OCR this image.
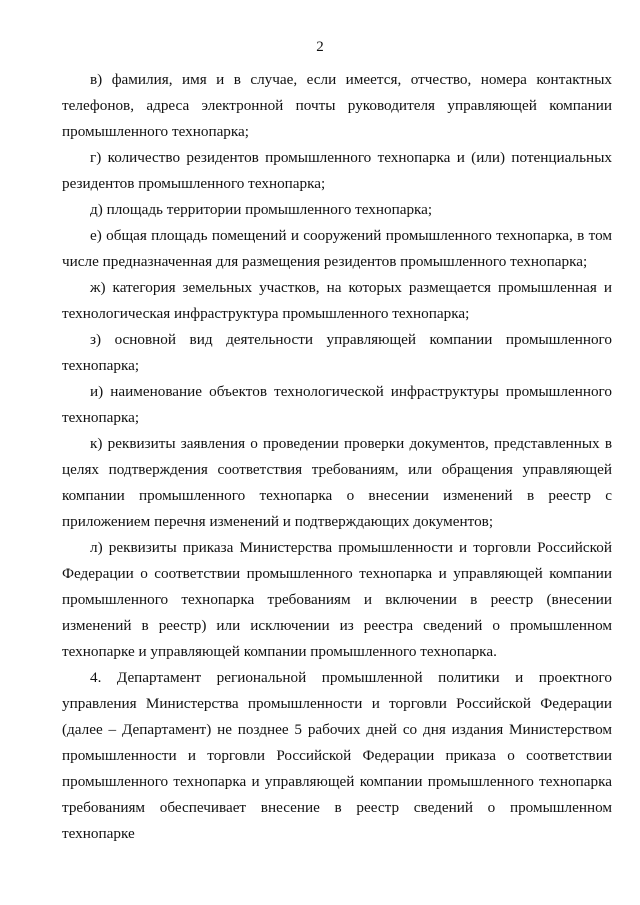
2

в) фамилия, имя и в случае, если имеется, отчество, номера контактных телефонов, адреса электронной почты руководителя управляющей компании промышленного технопарка;

г) количество резидентов промышленного технопарка и (или) потенциальных резидентов промышленного технопарка;

д) площадь территории промышленного технопарка;

е) общая площадь помещений и сооружений промышленного технопарка, в том числе предназначенная для размещения резидентов промышленного технопарка;

ж) категория земельных участков, на которых размещается промышленная и технологическая инфраструктура промышленного технопарка;

з) основной вид деятельности управляющей компании промышленного технопарка;

и) наименование объектов технологической инфраструктуры промышленного технопарка;

к) реквизиты заявления о проведении проверки документов, представленных в целях подтверждения соответствия требованиям, или обращения управляющей компании промышленного технопарка о внесении изменений в реестр с приложением перечня изменений и подтверждающих документов;

л) реквизиты приказа Министерства промышленности и торговли Российской Федерации о соответствии промышленного технопарка и управляющей компании промышленного технопарка требованиям и включении в реестр (внесении изменений в реестр) или исключении из реестра сведений о промышленном технопарке и управляющей компании промышленного технопарка.

4. Департамент региональной промышленной политики и проектного управления Министерства промышленности и торговли Российской Федерации (далее – Департамент) не позднее 5 рабочих дней со дня издания Министерством промышленности и торговли Российской Федерации приказа о соответствии промышленного технопарка и управляющей компании промышленного технопарка требованиям обеспечивает внесение в реестр сведений о промышленном технопарке
